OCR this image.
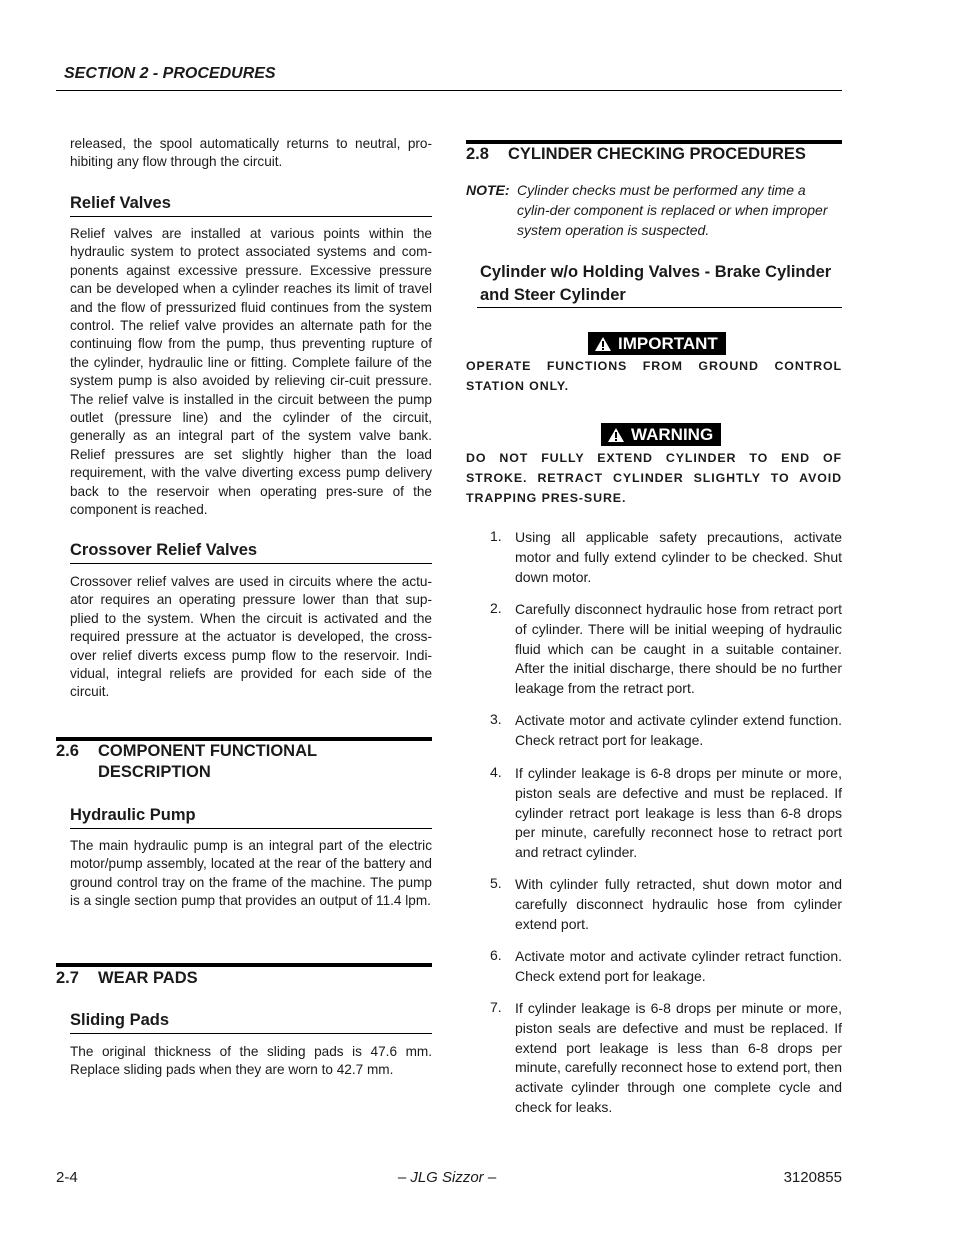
SECTION 2 - PROCEDURES
released, the spool automatically returns to neutral, pro-hibiting any flow through the circuit.
Relief Valves
Relief valves are installed at various points within the hydraulic system to protect associated systems and com-ponents against excessive pressure. Excessive pressure can be developed when a cylinder reaches its limit of travel and the flow of pressurized fluid continues from the system control. The relief valve provides an alternate path for the continuing flow from the pump, thus preventing rupture of the cylinder, hydraulic line or fitting. Complete failure of the system pump is also avoided by relieving cir-cuit pressure. The relief valve is installed in the circuit between the pump outlet (pressure line) and the cylinder of the circuit, generally as an integral part of the system valve bank. Relief pressures are set slightly higher than the load requirement, with the valve diverting excess pump delivery back to the reservoir when operating pres-sure of the component is reached.
Crossover Relief Valves
Crossover relief valves are used in circuits where the actu-ator requires an operating pressure lower than that sup-plied to the system. When the circuit is activated and the required pressure at the actuator is developed, the cross-over relief diverts excess pump flow to the reservoir. Indi-vidual, integral reliefs are provided for each side of the circuit.
2.6 COMPONENT FUNCTIONAL
DESCRIPTION
Hydraulic Pump
The main hydraulic pump is an integral part of the electric motor/pump assembly, located at the rear of the battery and ground control tray on the frame of the machine. The pump is a single section pump that provides an output of 11.4 lpm.
2.7 WEAR PADS
Sliding Pads
The original thickness of the sliding pads is 47.6 mm. Replace sliding pads when they are worn to 42.7 mm.
2.8 CYLINDER CHECKING PROCEDURES
NOTE: Cylinder checks must be performed any time a cylin-der component is replaced or when improper system operation is suspected.
Cylinder w/o Holding Valves - Brake Cylinder and Steer Cylinder
IMPORTANT
OPERATE FUNCTIONS FROM GROUND CONTROL STATION ONLY.
WARNING
DO NOT FULLY EXTEND CYLINDER TO END OF STROKE. RETRACT CYLINDER SLIGHTLY TO AVOID TRAPPING PRES-SURE.
1. Using all applicable safety precautions, activate motor and fully extend cylinder to be checked. Shut down motor.
2. Carefully disconnect hydraulic hose from retract port of cylinder. There will be initial weeping of hydraulic fluid which can be caught in a suitable container. After the initial discharge, there should be no further leakage from the retract port.
3. Activate motor and activate cylinder extend function. Check retract port for leakage.
4. If cylinder leakage is 6-8 drops per minute or more, piston seals are defective and must be replaced. If cylinder retract port leakage is less than 6-8 drops per minute, carefully reconnect hose to retract port and retract cylinder.
5. With cylinder fully retracted, shut down motor and carefully disconnect hydraulic hose from cylinder extend port.
6. Activate motor and activate cylinder retract function. Check extend port for leakage.
7. If cylinder leakage is 6-8 drops per minute or more, piston seals are defective and must be replaced. If extend port leakage is less than 6-8 drops per minute, carefully reconnect hose to extend port, then activate cylinder through one complete cycle and check for leaks.
2-4	– JLG Sizzor –	3120855
